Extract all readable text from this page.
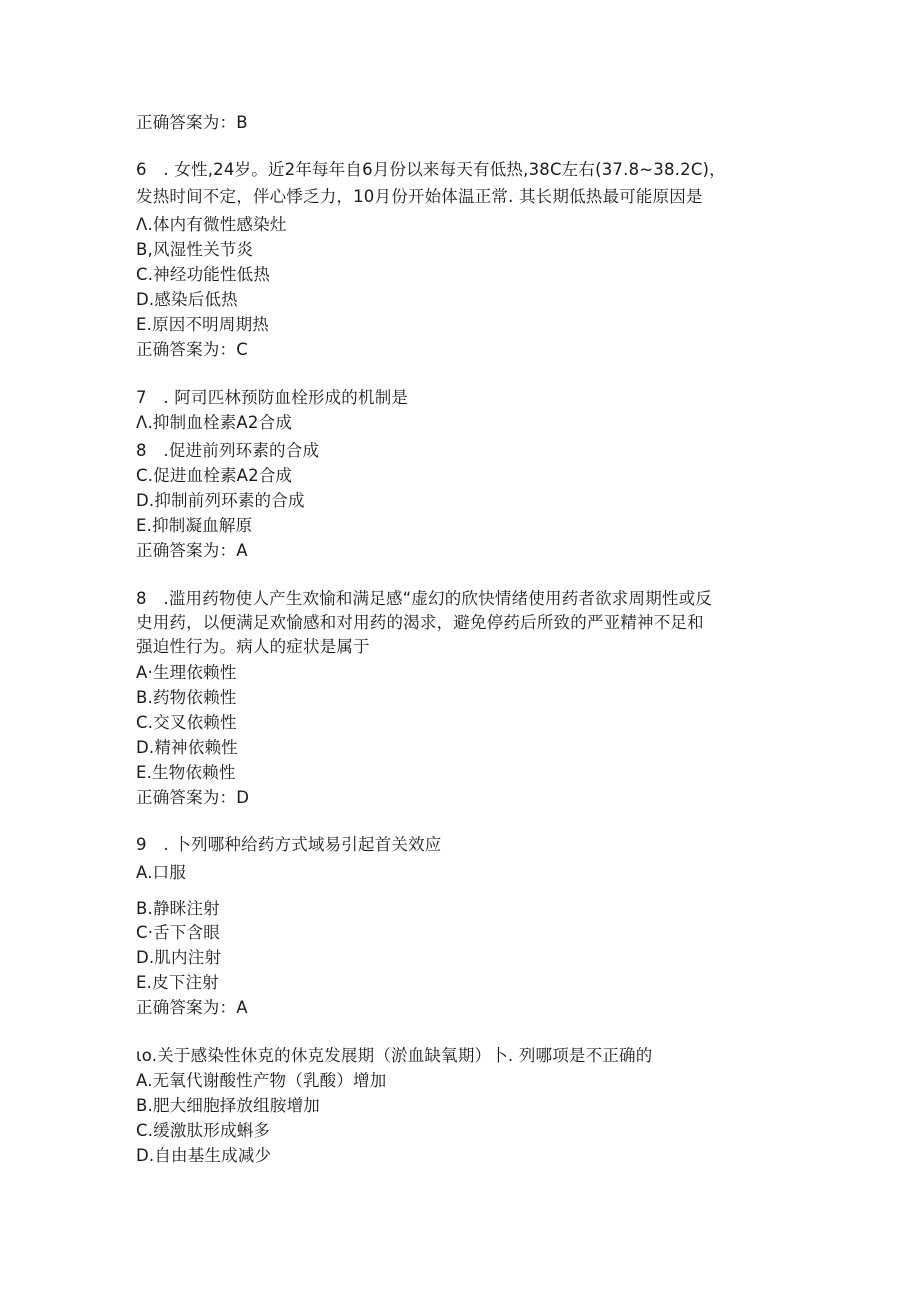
正确答案为：B
6　. 女性,24岁。近2年每年自6月份以来每天有低热,38C左右(37.8~38.2C)，
发热时间不定，伴心悸乏力，10月份开始体温正常. 其长期低热最可能原因是
Λ.体内有微性感染灶
B,风湿性关节炎
C.神经功能性低热
D.感染后低热
E.原因不明周期热
正确答案为：C
7　. 阿司匹林预防血栓形成的机制是
Λ.抑制血栓素A2合成
8　.促进前列环素的合成
C.促进血栓素A2合成
D.抑制前列环素的合成
E.抑制凝血解原
正确答案为：A
8　.滥用药物使人产生欢愉和满足感“虚幻的欣快情绪使用药者欲求周期性或反
史用药，以便满足欢愉感和对用药的渴求，避免停药后所致的严亚精神不足和
强迫性行为。病人的症状是属于
A·生理依赖性
B.药物依赖性
C.交叉依赖性
D.精神依赖性
E.生物依赖性
正确答案为：D
9　. 卜列哪种给药方式域易引起首关效应
A.口服
B.静眯注射
C·舌下含眼
D.肌内注射
E.皮下注射
正确答案为：A
ιo.关于感染性休克的休克发展期（淤血缺氧期）卜. 列哪项是不正确的
A.无氧代谢酸性产物（乳酸）增加
B.肥大细胞择放组胺增加
C.缓激肽形成蝌多
D.自由基生成减少
